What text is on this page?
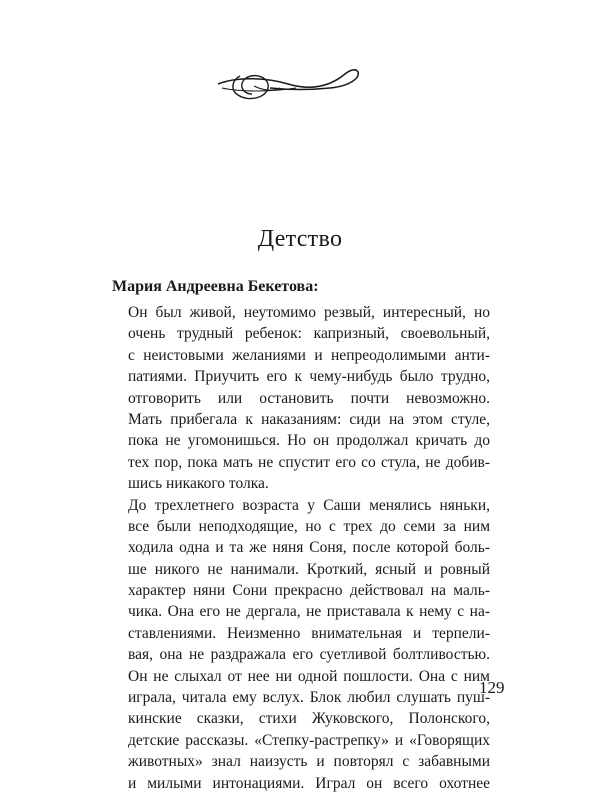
Детство

Мария Андреевна Бекетова:

Он был живой, неутомимо резвый, интересный, но
очень трудный ребенок: капризный, своевольный,
с неистовыми желаниями и непреодолимыми анти-
патиями. Приучить его к чему-нибудь было трудно,
отговорить или остановить почти невозможно.
Мать прибегала к наказаниям: сиди на этом стуле,
пока не угомонишься. Но он продолжал кричать до
тех пор, пока мать не спустит его со стула, не добив-
шись никакого толка.
До трехлетнего возраста у Саши менялись няньки,
все были неподходящие, но с трех до семи за ним
ходила одна и та же няня Соня, после которой боль-
ше никого не нанимали. Кроткий, ясный и ровный
характер няни Сони прекрасно действовал на маль-
чика. Она его не дергала, не приставала к нему с на-
ставлениями. Неизменно внимательная и терпели-
вая, она не раздражала его суетливой болтливостью.
Он не слыхал от нее ни одной пошлости. Она с ним
играла, читала ему вслух. Блок любил слушать пуш-
кинские сказки, стихи Жуковского, Полонского,
детские рассказы. «Степку-растрепку» и «Говорящих
животных» знал наизусть и повторял с забавными
и милыми интонациями. Играл он всего охотнее
129
